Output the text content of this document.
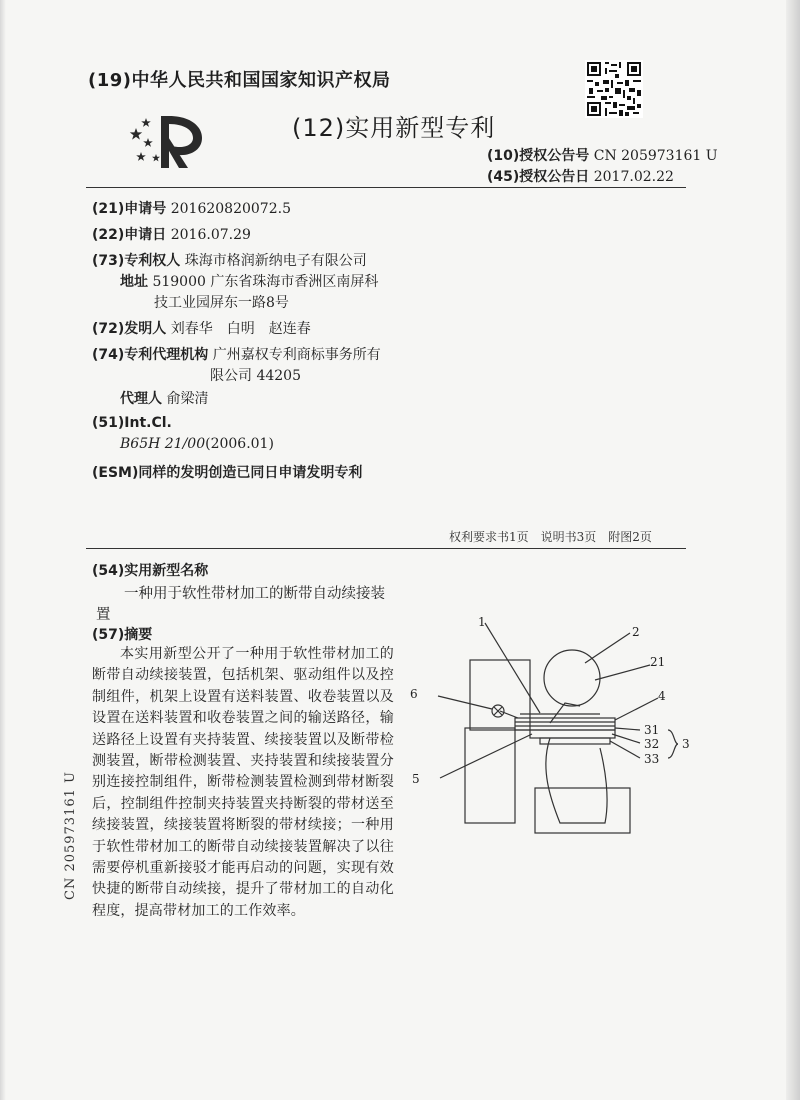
(19)中华人民共和国国家知识产权局
(12)实用新型专利
(10)授权公告号 CN 205973161 U
(45)授权公告日 2017.02.22
(21)申请号 201620820072.5
(22)申请日 2016.07.29
(73)专利权人 珠海市格润新纳电子有限公司
地址 519000 广东省珠海市香洲区南屏科
技工业园屏东一路8号
(72)发明人 刘春华　白明　赵连春
(74)专利代理机构 广州嘉权专利商标事务所有
限公司 44205
代理人 俞梁清
(51)Int.Cl.
B65H 21/00(2006.01)
(ESM)同样的发明创造已同日申请发明专利
权利要求书1页　说明书3页　附图2页
(54)实用新型名称
一种用于软性带材加工的断带自动续接装
置
(57)摘要
本实用新型公开了一种用于软性带材加工的断带自动续接装置，包括机架、驱动组件以及控制组件，机架上设置有送料装置、收卷装置以及设置在送料装置和收卷装置之间的输送路径，输送路径上设置有夹持装置、续接装置以及断带检测装置，断带检测装置、夹持装置和续接装置分别连接控制组件，断带检测装置检测到带材断裂后，控制组件控制夹持装置夹持断裂的带材送至续接装置，续接装置将断裂的带材续接；一种用于软性带材加工的断带自动续接装置解决了以往需要停机重新接驳才能再启动的问题，实现有效快捷的断带自动续接，提升了带材加工的自动化程度，提高带材加工的工作效率。
1
2
21
4
6
31
32
33
3
5
CN 205973161 U
